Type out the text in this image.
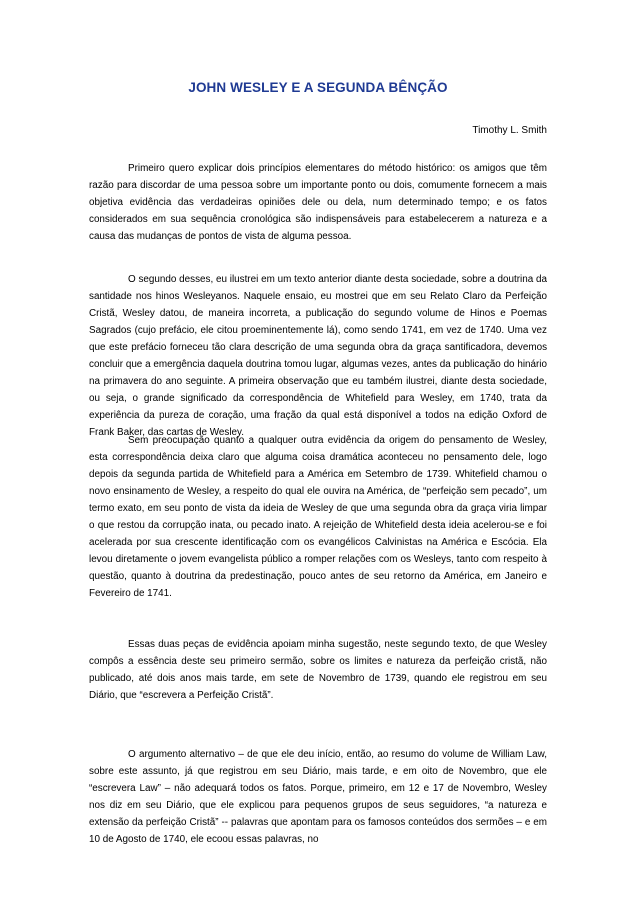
JOHN WESLEY E A SEGUNDA BÊNÇÃO
Timothy L. Smith

Primeiro quero explicar dois princípios elementares do método histórico: os amigos que têm razão para discordar de uma pessoa sobre um importante ponto ou dois, comumente fornecem a mais objetiva evidência das verdadeiras opiniões dele ou dela, num determinado tempo; e os fatos considerados em sua sequência cronológica são indispensáveis para estabelecerem a natureza e a causa das mudanças de pontos de vista de alguma pessoa.

O segundo desses, eu ilustrei em um texto anterior diante desta sociedade, sobre a doutrina da santidade nos hinos Wesleyanos. Naquele ensaio, eu mostrei que em seu Relato Claro da Perfeição Cristã, Wesley datou, de maneira incorreta, a publicação do segundo volume de Hinos e Poemas Sagrados (cujo prefácio, ele citou proeminentemente lá), como sendo 1741, em vez de 1740. Uma vez que este prefácio forneceu tão clara descrição de uma segunda obra da graça santificadora, devemos concluir que a emergência daquela doutrina tomou lugar, algumas vezes, antes da publicação do hinário na primavera do ano seguinte. A primeira observação que eu também ilustrei, diante desta sociedade, ou seja, o grande significado da correspondência de Whitefield para Wesley, em 1740, trata da experiência da pureza de coração, uma fração da qual está disponível a todos na edição Oxford de Frank Baker, das cartas de Wesley.

Sem preocupação quanto a qualquer outra evidência da origem do pensamento de Wesley, esta correspondência deixa claro que alguma coisa dramática aconteceu no pensamento dele, logo depois da segunda partida de Whitefield para a América em Setembro de 1739. Whitefield chamou o novo ensinamento de Wesley, a respeito do qual ele ouvira na América, de “perfeição sem pecado”, um termo exato, em seu ponto de vista da ideia de Wesley de que uma segunda obra da graça viria limpar o que restou da corrupção inata, ou pecado inato. A rejeição de Whitefield desta ideia acelerou-se e foi acelerada por sua crescente identificação com os evangélicos Calvinistas na América e Escócia. Ela levou diretamente o jovem evangelista público a romper relações com os Wesleys, tanto com respeito à questão, quanto à doutrina da predestinação, pouco antes de seu retorno da América, em Janeiro e Fevereiro de 1741.

Essas duas peças de evidência apoiam minha sugestão, neste segundo texto, de que Wesley compôs a essência deste seu primeiro sermão, sobre os limites e natureza da perfeição cristã, não publicado, até dois anos mais tarde, em sete de Novembro de 1739, quando ele registrou em seu Diário, que “escrevera a Perfeição Cristã”.

O argumento alternativo – de que ele deu início, então, ao resumo do volume de William Law, sobre este assunto, já que registrou em seu Diário, mais tarde, e em oito de Novembro, que ele “escrevera Law” – não adequará todos os fatos. Porque, primeiro, em 12 e 17 de Novembro, Wesley nos diz em seu Diário, que ele explicou para pequenos grupos de seus seguidores, “a natureza e extensão da perfeição Cristã” -- palavras que apontam para os famosos conteúdos dos sermões – e em 10 de Agosto de 1740, ele ecoou essas palavras, no
